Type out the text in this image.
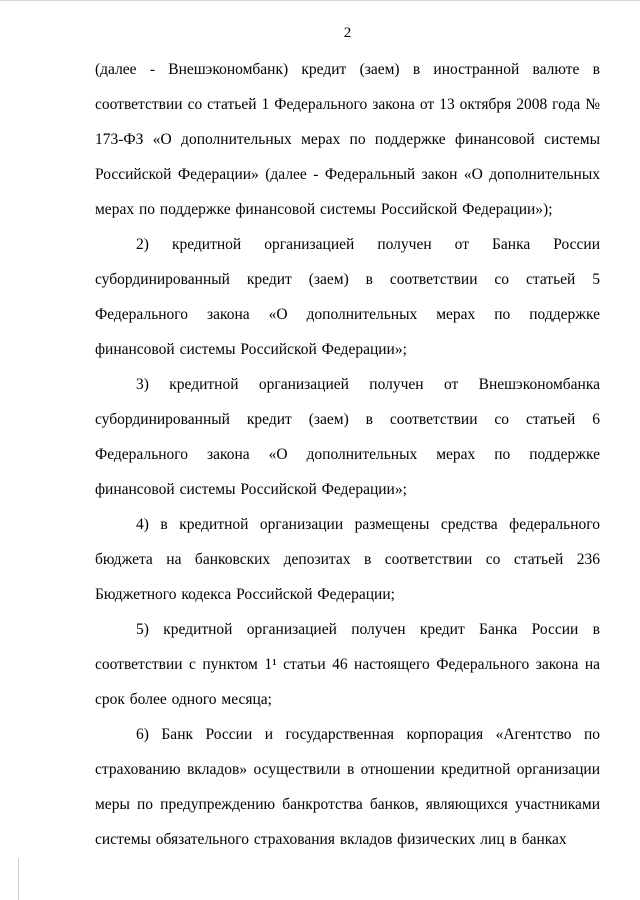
2

(далее - Внешэкономбанк) кредит (заем) в иностранной валюте в соответствии со статьей 1 Федерального закона от 13 октября 2008 года № 173-ФЗ «О дополнительных мерах по поддержке финансовой системы Российской Федерации» (далее - Федеральный закон «О дополнительных мерах по поддержке финансовой системы Российской Федерации»);

2) кредитной организацией получен от Банка России субординированный кредит (заем) в соответствии со статьей 5 Федерального закона «О дополнительных мерах по поддержке финансовой системы Российской Федерации»;

3) кредитной организацией получен от Внешэкономбанка субординированный кредит (заем) в соответствии со статьей 6 Федерального закона «О дополнительных мерах по поддержке финансовой системы Российской Федерации»;

4) в кредитной организации размещены средства федерального бюджета на банковских депозитах в соответствии со статьей 236 Бюджетного кодекса Российской Федерации;

5) кредитной организацией получен кредит Банка России в соответствии с пунктом 1¹ статьи 46 настоящего Федерального закона на срок более одного месяца;

6) Банк России и государственная корпорация «Агентство по страхованию вкладов» осуществили в отношении кредитной организации меры по предупреждению банкротства банков, являющихся участниками системы обязательного страхования вкладов физических лиц в банках
